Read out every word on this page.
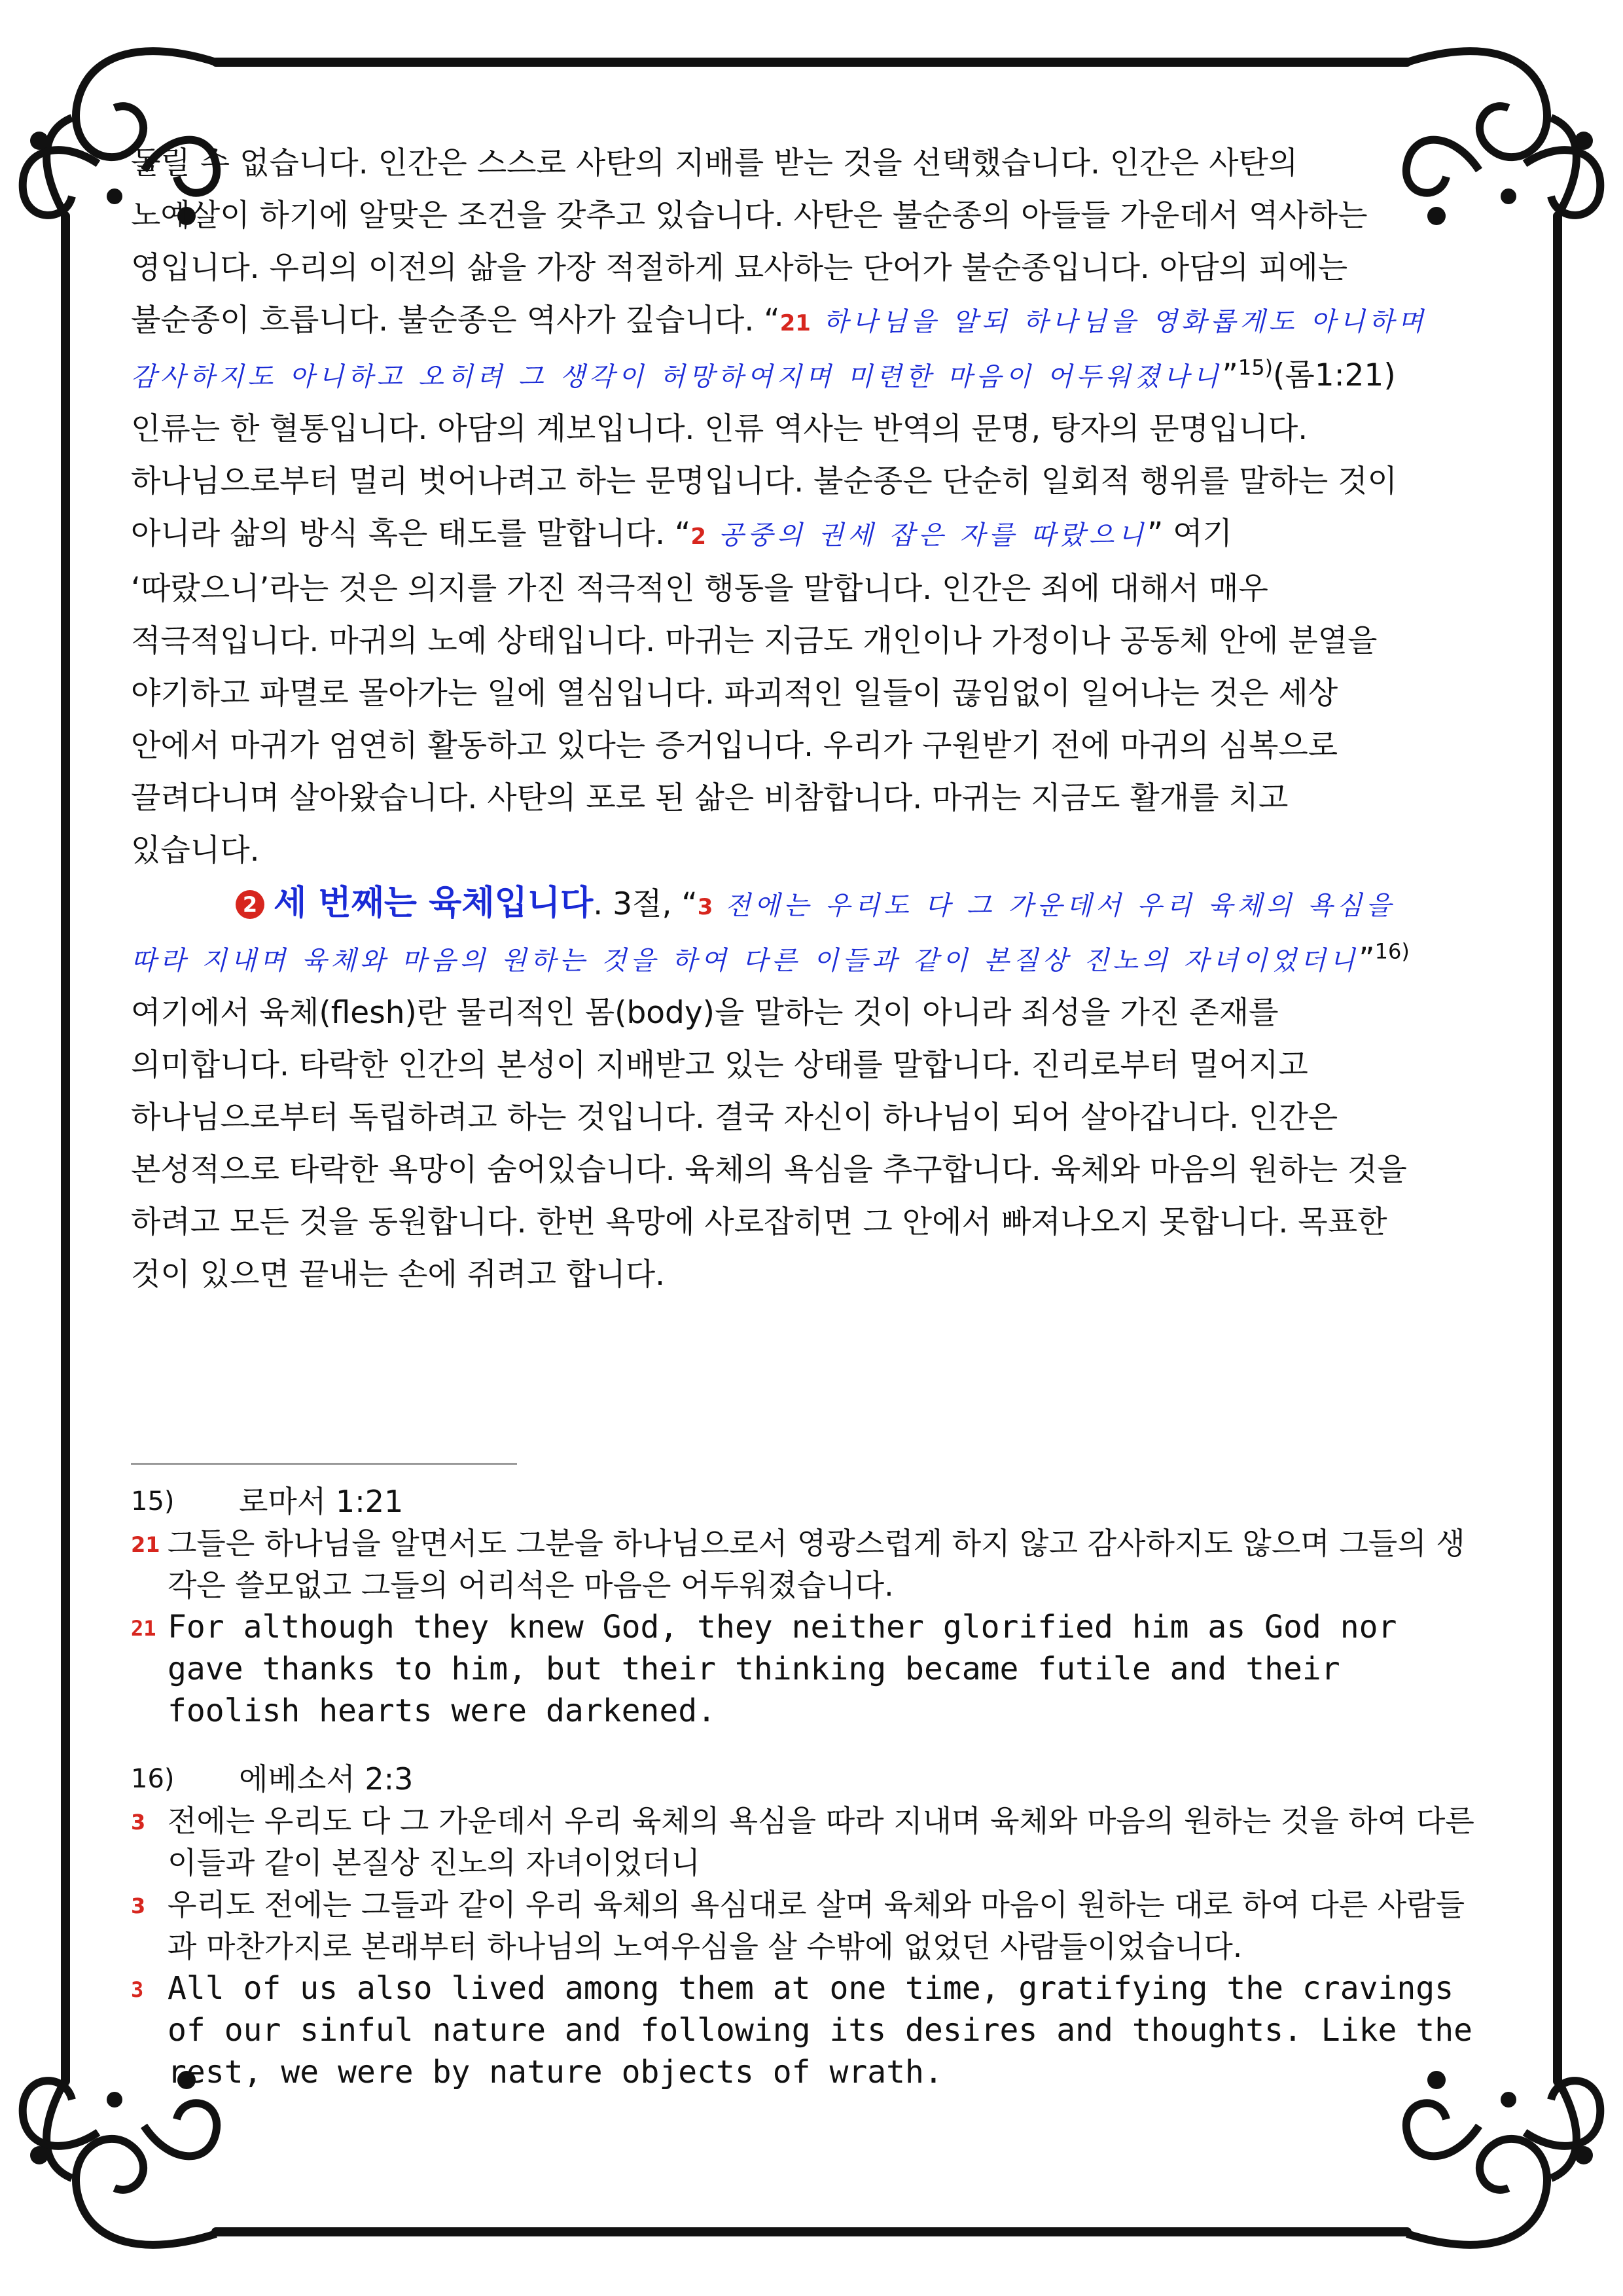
돌릴 수 없습니다. 인간은 스스로 사탄의 지배를 받는 것을 선택했습니다. 인간은 사탄의
노예살이 하기에 알맞은 조건을 갖추고 있습니다. 사탄은 불순종의 아들들 가운데서 역사하는
영입니다. 우리의 이전의 삶을 가장 적절하게 묘사하는 단어가 불순종입니다. 아담의 피에는
불순종이 흐릅니다. 불순종은 역사가 깊습니다. “21 하나님을 알되 하나님을 영화롭게도 아니하며
감사하지도 아니하고 오히려 그 생각이 허망하여지며 미련한 마음이 어두워졌나니”$^{15)}$(롬1:21)
인류는 한 혈통입니다. 아담의 계보입니다. 인류 역사는 반역의 문명, 탕자의 문명입니다.
하나님으로부터 멀리 벗어나려고 하는 문명입니다. 불순종은 단순히 일회적 행위를 말하는 것이
아니라 삶의 방식 혹은 태도를 말합니다. “2 공중의 권세 잡은 자를 따랐으니” 여기
‘따랐으니’라는 것은 의지를 가진 적극적인 행동을 말합니다. 인간은 죄에 대해서 매우
적극적입니다. 마귀의 노예 상태입니다. 마귀는 지금도 개인이나 가정이나 공동체 안에 분열을
야기하고 파멸로 몰아가는 일에 열심입니다. 파괴적인 일들이 끊임없이 일어나는 것은 세상
안에서 마귀가 엄연히 활동하고 있다는 증거입니다. 우리가 구원받기 전에 마귀의 심복으로
끌려다니며 살아왔습니다. 사탄의 포로 된 삶은 비참합니다. 마귀는 지금도 활개를 치고
있습니다.
2 세 번째는 육체입니다. 3절, “3 전에는 우리도 다 그 가운데서 우리 육체의 욕심을
따라 지내며 육체와 마음의 원하는 것을 하여 다른 이들과 같이 본질상 진노의 자녀이었더니”$^{16)}$
여기에서 육체(flesh)란 물리적인 몸(body)을 말하는 것이 아니라 죄성을 가진 존재를
의미합니다. 타락한 인간의 본성이 지배받고 있는 상태를 말합니다. 진리로부터 멀어지고
하나님으로부터 독립하려고 하는 것입니다. 결국 자신이 하나님이 되어 살아갑니다. 인간은
본성적으로 타락한 욕망이 숨어있습니다. 육체의 욕심을 추구합니다. 육체와 마음의 원하는 것을
하려고 모든 것을 동원합니다. 한번 욕망에 사로잡히면 그 안에서 빠져나오지 못합니다. 목표한
것이 있으면 끝내는 손에 쥐려고 합니다.

15)	로마서 1:21

21 그들은 하나님을 알면서도 그분을 하나님으로서 영광스럽게 하지 않고 감사하지도 않으며 그들의 생각은 쓸모없고 그들의 어리석은 마음은 어두워졌습니다.

21 For although they knew God, they neither glorified him as God nor gave thanks to him, but their thinking became futile and their foolish hearts were darkened.

16)	에베소서 2:3

3 전에는 우리도 다 그 가운데서 우리 육체의 욕심을 따라 지내며 육체와 마음의 원하는 것을 하여 다른 이들과 같이 본질상 진노의 자녀이었더니

3 우리도 전에는 그들과 같이 우리 육체의 욕심대로 살며 육체와 마음이 원하는 대로 하여 다른 사람들과 마찬가지로 본래부터 하나님의 노여우심을 살 수밖에 없었던 사람들이었습니다.

3 All of us also lived among them at one time, gratifying the cravings of our sinful nature and following its desires and thoughts. Like the rest, we were by nature objects of wrath.
